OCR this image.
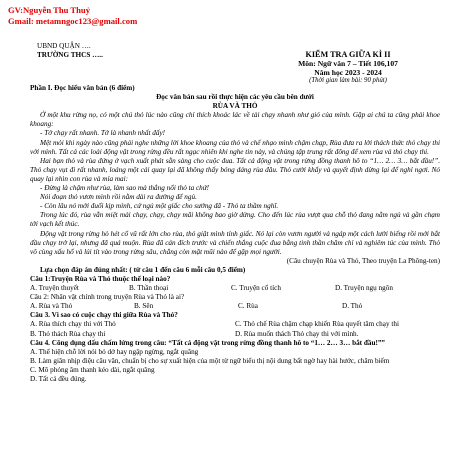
GV:Nguyễn Thu Thuỷ
Gmail: metamngoc123@gmail.com
UBND QUẬN ….
TRƯỜNG THCS …..	KIỂM TRA GIỮA KÌ II
Môn: Ngữ văn 7 – Tiết 106,107
Năm học 2023 - 2024
(Thời gian làm bài: 90 phút)

Phần I. Đọc hiểu văn bản (6 điểm)

Đọc văn bản sau rồi thực hiện các yêu cầu bên dưới

RÙA VÀ THỎ

Ở một khu rừng nọ, có một chú thỏ lúc nào cũng chỉ thích khoác lác về tài chạy nhanh như gió của mình. Gặp ai chú ta cũng phải khoe khoang:

- Tớ chạy rất nhanh. Tớ là nhanh nhất đấy!

Mệt mỏi khi ngày nào cũng phải nghe những lời khoe khoang của thỏ và chế nhạo mình chậm chạp, Rùa đưa ra lời thách thức thỏ chạy thi với mình. Tất cả các loài động vật trong rừng đều rất ngạc nhiên khi nghe tin này, và chúng tập trung rất đông để xem rùa và thỏ chạy thi.

Hai bạn thỏ và rùa đứng ở vạch xuất phát sẵn sàng cho cuộc đua. Tất cả động vật trong rừng đồng thanh hô to “1… 2… 3… bắt đầu!”. Thỏ chạy vụt đi rất nhanh, loáng một cái quay lại đã không thấy bóng dáng rùa đâu. Thỏ cười khẩy và quyết định dừng lại để nghỉ ngơi. Nó quay lại nhìn con rùa và mỉa mai:

- Đừng là chậm như rùa, làm sao mà thắng nổi thỏ ta chứ!

Nói đoạn thỏ vươn mình rồi nằm dài ra đường để ngủ.

- Còn lâu nó mới đuổi kịp mình, cứ ngủ một giấc cho sướng đã - Thỏ ta thầm nghĩ.

Trong lúc đó, rùa vẫn miệt mài chạy, chạy, chạy mãi không bao giờ dừng. Cho đến lúc rùa vượt qua chỗ thỏ đang nằm ngủ và gần chạm tới vạch kết thúc.

Động vật trong rừng hò hét cổ vũ rất lớn cho rùa, thỏ giật mình tỉnh giấc. Nó lại còn vươn người và ngáp một cách lười biếng rồi mới bắt đầu chạy trở lại, nhưng đã quá muộn. Rùa đã cán đích trước và chiến thắng cuộc đua bằng tinh thần chăm chỉ và nghiêm túc của mình. Thỏ vô cùng xấu hổ và lủi tít vào trong rừng sâu, chẳng còn mặt mũi nào để gặp mọi người.

(Câu chuyện Rùa và Thỏ, Theo truyện La Phông-ten)

Lựa chọn đáp án đúng nhất: ( từ câu 1 đến câu 6 mỗi câu 0,5 điểm)

Câu 1:Truyện Rùa và Thỏ thuộc thể loại nào?

A. Truyện thuyết	B. Thần thoại	C. Truyện cổ tích	D. Truyện ngụ ngôn

Câu 2: Nhân vật chính trong truyện Rùa và Thỏ là ai?

A. Rùa và Thỏ	B. Sên	C. Rùa	D. Thỏ

Câu 3. Vì sao có cuộc chạy thi giữa Rùa và Thỏ?

A. Rùa thích chạy thi với Thỏ	C. Thỏ chế Rùa chậm chạp khiến Rùa quyết tâm chạy thi
B. Thỏ thách Rùa chạy thi	D. Rùa muốn thách Thỏ chạy thi với mình.

Câu 4. Công dụng dấu chấm lửng trong câu: “Tất cả động vật trong rừng đồng thanh hô to “1… 2… 3… bắt đầu!””

A. Thể hiện chỗ lời nói bỏ dở hay ngập ngừng, ngắt quãng

B. Làm giãn nhịp điệu câu văn, chuẩn bị cho sự xuất hiện của một từ ngữ biểu thị nội dung bất ngờ hay hài hước, châm biếm

C. Mô phỏng âm thanh kéo dài, ngắt quãng

D. Tất cả đều đúng.
